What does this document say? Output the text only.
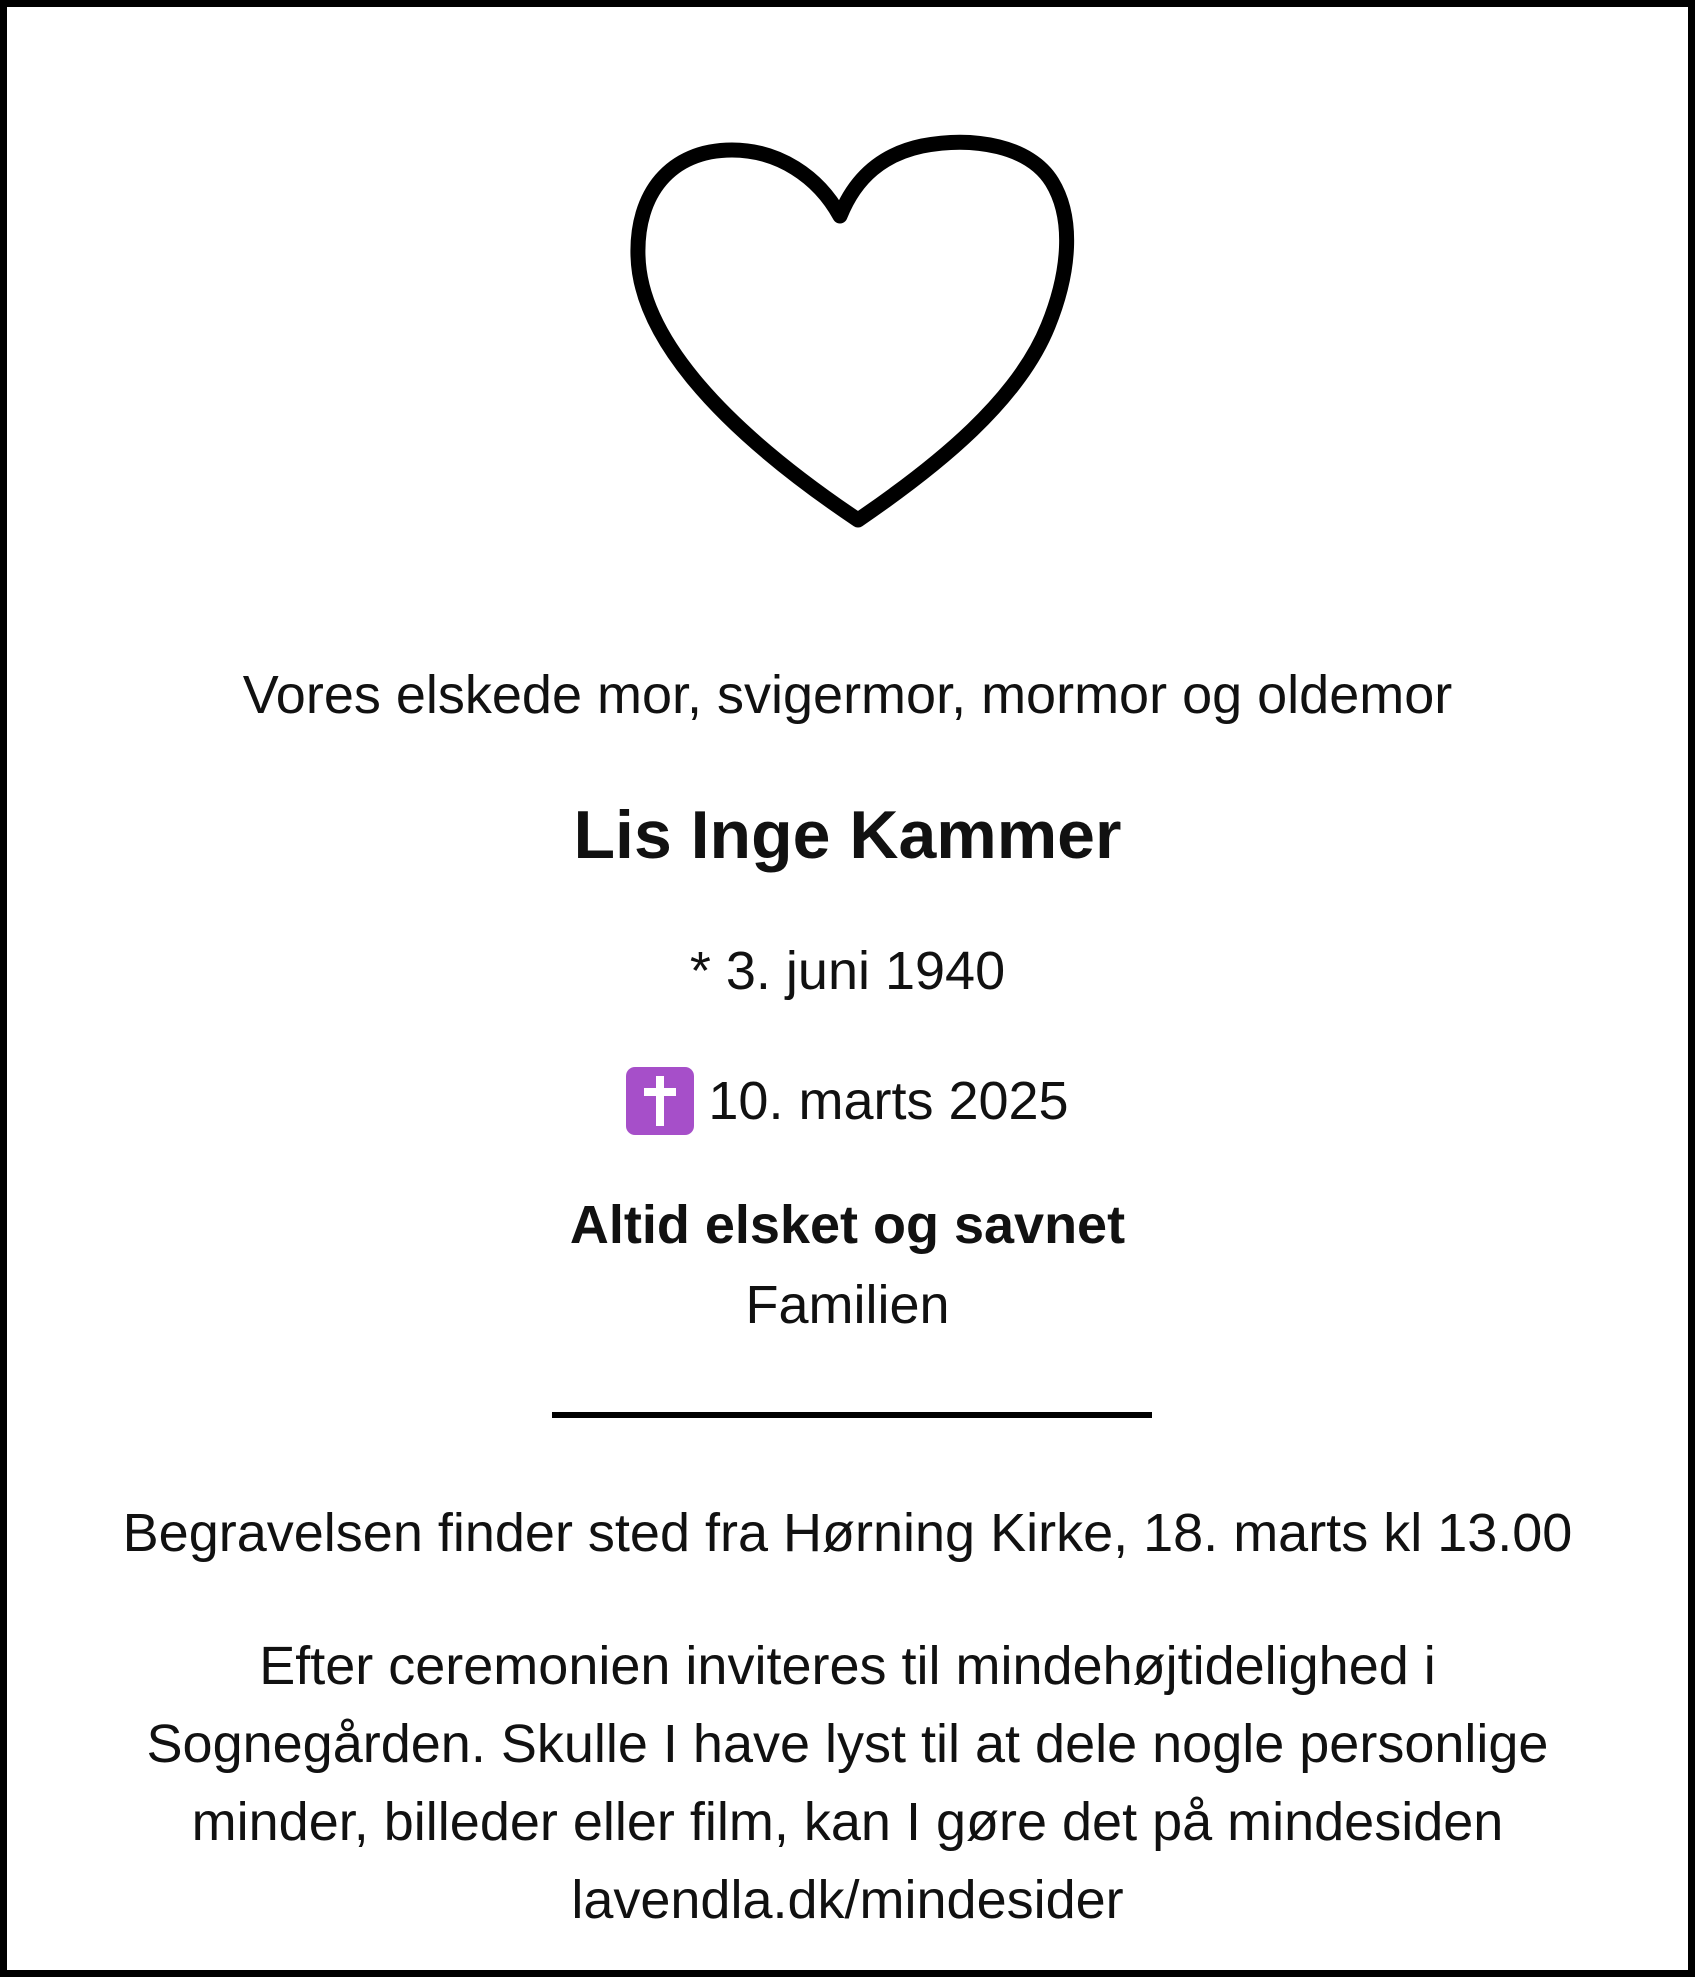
Vores elskede mor, svigermor, mormor og oldemor
Lis Inge Kammer
* 3. juni 1940
10. marts 2025
Altid elsket og savnet
Familien
Begravelsen finder sted fra Hørning Kirke, 18. marts kl 13.00
Efter ceremonien inviteres til mindehøjtidelighed i
Sognegården. Skulle I have lyst til at dele nogle personlige
minder, billeder eller film, kan I gøre det på mindesiden
lavendla.dk/mindesider
